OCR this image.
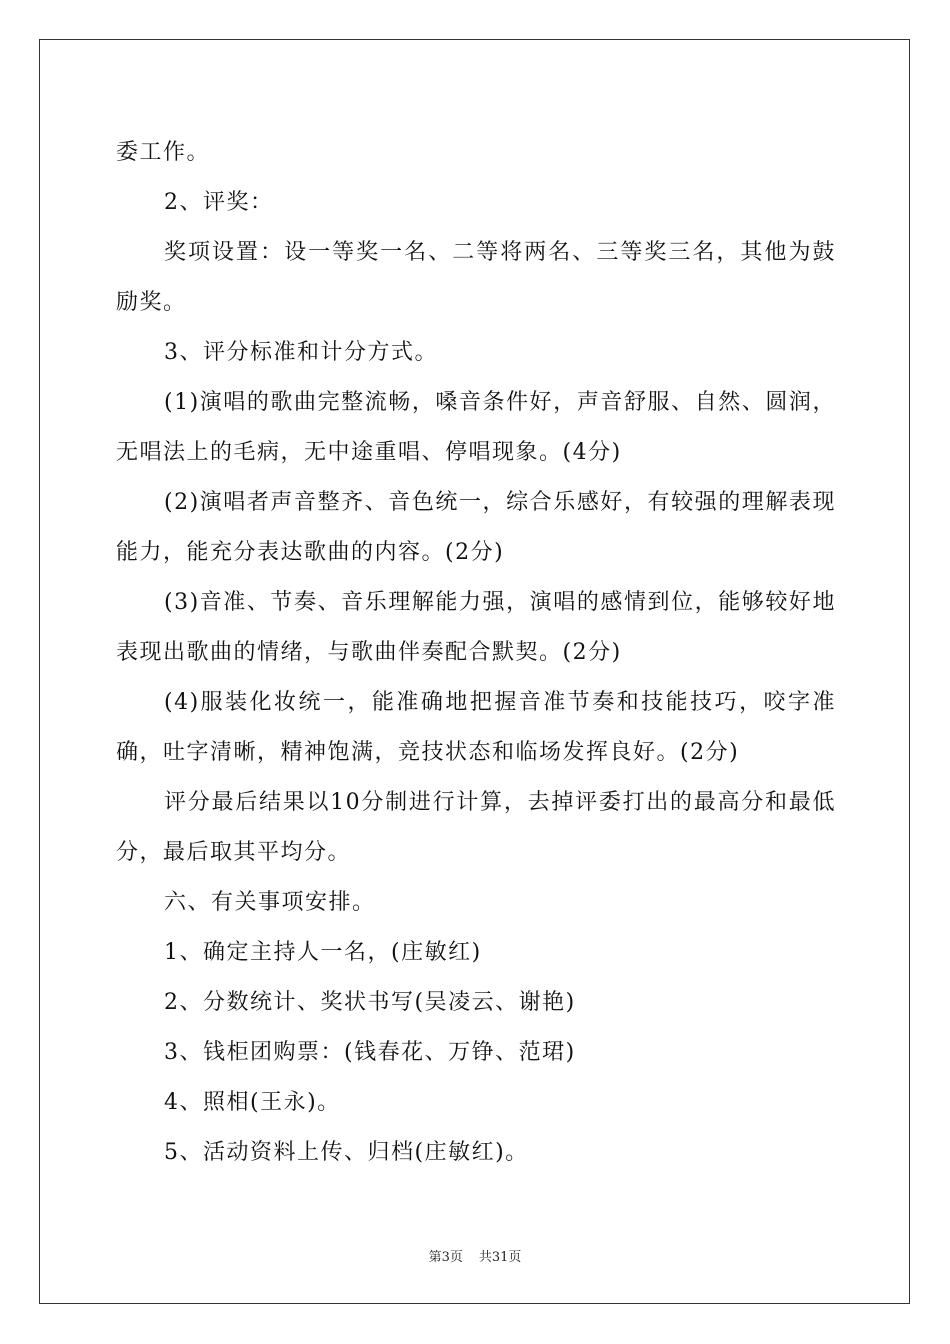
委工作。

2、评奖：

奖项设置：设一等奖一名、二等将两名、三等奖三名，其他为鼓励奖。

3、评分标准和计分方式。

(1)演唱的歌曲完整流畅，嗓音条件好，声音舒服、自然、圆润，无唱法上的毛病，无中途重唱、停唱现象。(4分)

(2)演唱者声音整齐、音色统一，综合乐感好，有较强的理解表现能力，能充分表达歌曲的内容。(2分)

(3)音准、节奏、音乐理解能力强，演唱的感情到位，能够较好地表现出歌曲的情绪，与歌曲伴奏配合默契。(2分)

(4)服装化妆统一，能准确地把握音准节奏和技能技巧，咬字准确，吐字清晰，精神饱满，竞技状态和临场发挥良好。(2分)

评分最后结果以10分制进行计算，去掉评委打出的最高分和最低分，最后取其平均分。

六、有关事项安排。

1、确定主持人一名，(庄敏红)

2、分数统计、奖状书写(吴凌云、谢艳)

3、钱柜团购票：(钱春花、万铮、范珺)

4、照相(王永)。

5、活动资料上传、归档(庄敏红)。

第3页 共31页
